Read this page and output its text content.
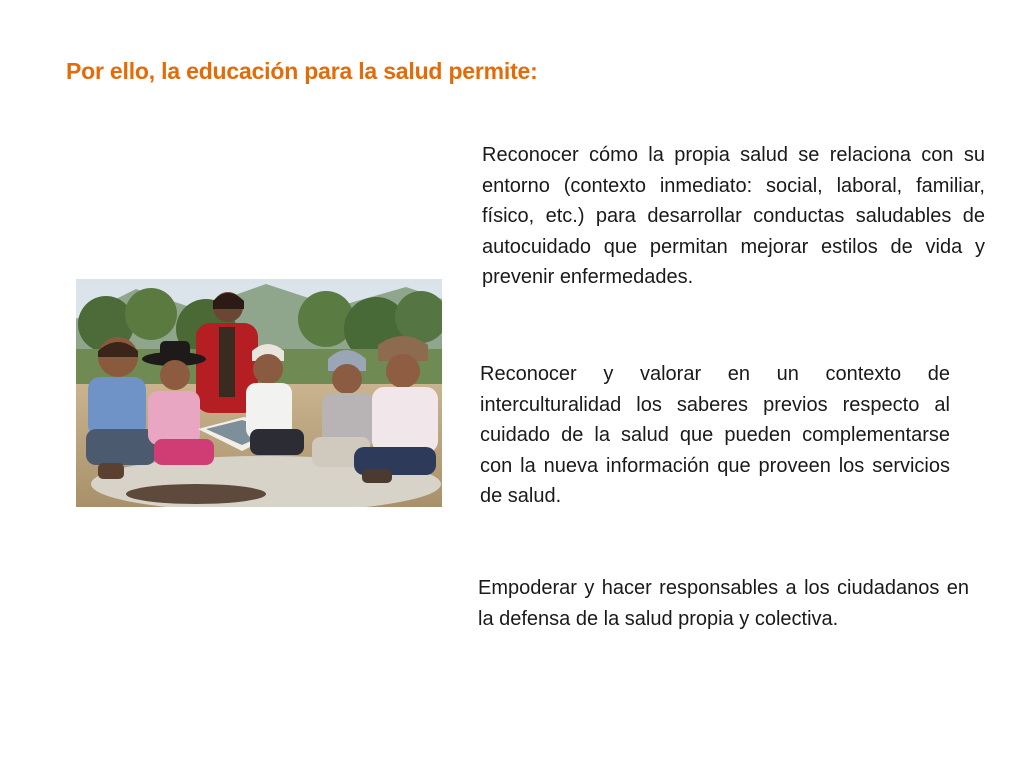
Por ello, la educación para la salud permite:
Reconocer cómo la propia salud se relaciona con su entorno (contexto inmediato: social, laboral, familiar, físico, etc.) para desarrollar conductas saludables de autocuidado que permitan mejorar estilos de vida y prevenir enfermedades.
Reconocer y valorar en un contexto de interculturalidad los saberes previos respecto al cuidado de la salud que pueden complementarse con la nueva información que proveen los servicios de salud.
Empoderar y hacer responsables a los ciudadanos en la defensa de la salud propia y colectiva.
